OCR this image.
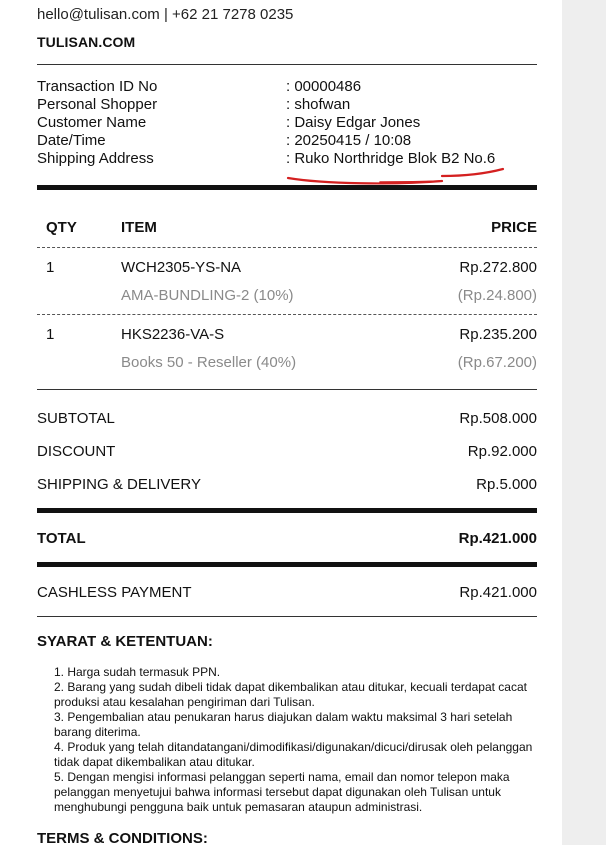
hello@tulisan.com | +62 21 7278 0235
TULISAN.COM
Transaction ID No	: 00000486
Personal Shopper	: shofwan
Customer Name	: Daisy Edgar Jones
Date/Time	: 20250415 / 10:08
Shipping Address	: Ruko Northridge Blok B2 No.6
QTY	ITEM	PRICE
1	WCH2305-YS-NA	Rp.272.800
AMA-BUNDLING-2 (10%)	(Rp.24.800)
1	HKS2236-VA-S	Rp.235.200
Books 50 - Reseller (40%)	(Rp.67.200)
SUBTOTAL	Rp.508.000
DISCOUNT	Rp.92.000
SHIPPING & DELIVERY	Rp.5.000
TOTAL	Rp.421.000
CASHLESS PAYMENT	Rp.421.000
SYARAT & KETENTUAN:
1. Harga sudah termasuk PPN.
2. Barang yang sudah dibeli tidak dapat dikembalikan atau ditukar, kecuali terdapat cacat produksi atau kesalahan pengiriman dari Tulisan.
3. Pengembalian atau penukaran harus diajukan dalam waktu maksimal 3 hari setelah barang diterima.
4. Produk yang telah ditandatangani/dimodifikasi/digunakan/dicuci/dirusak oleh pelanggan tidak dapat dikembalikan atau ditukar.
5. Dengan mengisi informasi pelanggan seperti nama, email dan nomor telepon maka pelanggan menyetujui bahwa informasi tersebut dapat digunakan oleh Tulisan untuk menghubungi pengguna baik untuk pemasaran ataupun administrasi.
TERMS & CONDITIONS:
